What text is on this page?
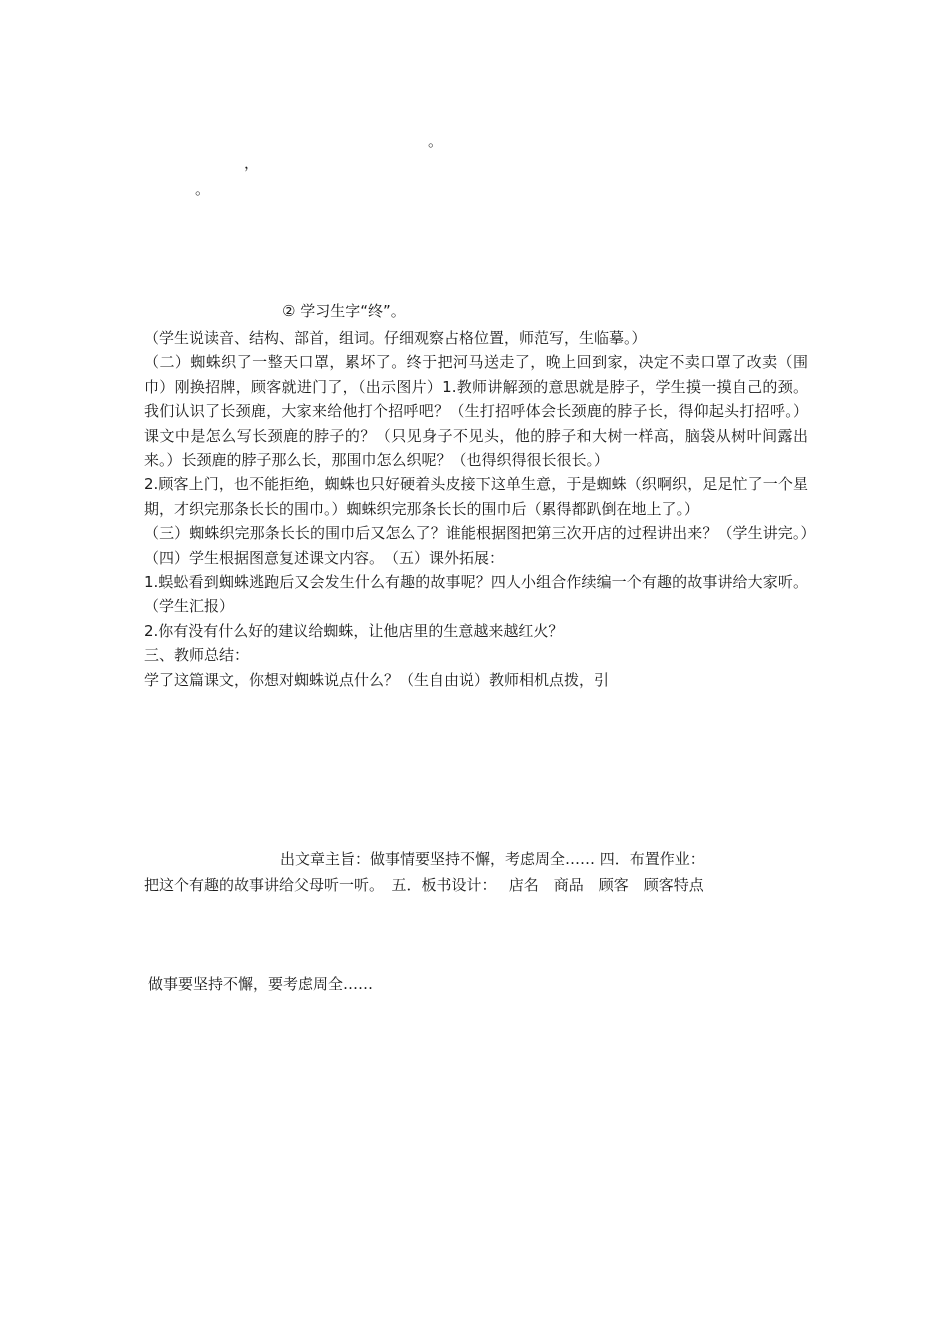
。
，
。
② 学习生字“终”。

（学生说读音、结构、部首，组词。仔细观察占格位置，师范写，生临摹。）

（二）蜘蛛织了一整天口罩，累坏了。终于把河马送走了，晚上回到家，决定不卖口罩了改卖（围巾）刚换招牌，顾客就进门了，（出示图片）1.教师讲解颈的意思就是脖子，学生摸一摸自己的颈。我们认识了长颈鹿，大家来给他打个招呼吧？（生打招呼体会长颈鹿的脖子长，得仰起头打招呼。）课文中是怎么写长颈鹿的脖子的？（只见身子不见头，他的脖子和大树一样高，脑袋从树叶间露出来。）长颈鹿的脖子那么长，那围巾怎么织呢？（也得织得很长很长。）

2.顾客上门，也不能拒绝，蜘蛛也只好硬着头皮接下这单生意，于是蜘蛛（织啊织，足足忙了一个星期，才织完那条长长的围巾。）蜘蛛织完那条长长的围巾后（累得都趴倒在地上了。）

（三）蜘蛛织完那条长长的围巾后又怎么了？谁能根据图把第三次开店的过程讲出来？（学生讲完。）　 （四）学生根据图意复述课文内容。　（五）课外拓展：

1.蜈蚣看到蜘蛛逃跑后又会发生什么有趣的故事呢？四人小组合作续编一个有趣的故事讲给大家听。（学生汇报）

2.你有没有什么好的建议给蜘蛛，让他店里的生意越来越红火？

三、教师总结：

学了这篇课文，你想对蜘蛛说点什么？（生自由说）教师相机点拨，引

出文章主旨：做事情要坚持不懈，考虑周全…… 四．布置作业：
把这个有趣的故事讲给父母听一听。　五．板书设计：　 店名　商品　顾客　顾客特点
做事要坚持不懈，要考虑周全……
